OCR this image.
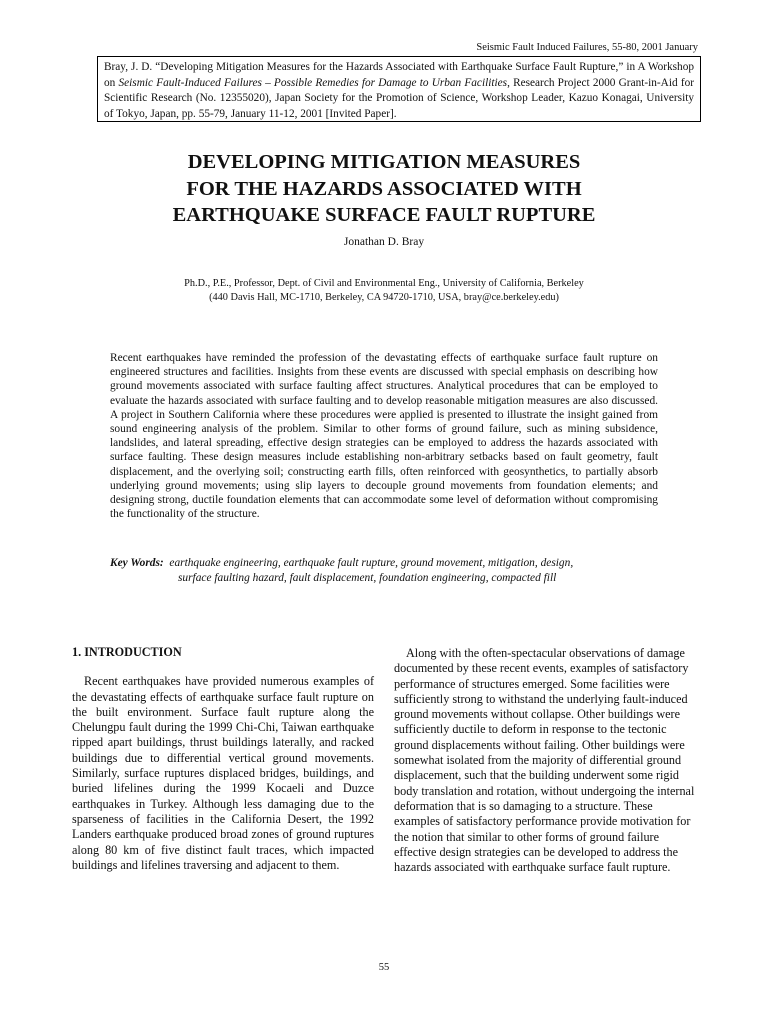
Seismic Fault Induced Failures, 55-80, 2001 January
Bray, J. D. “Developing Mitigation Measures for the Hazards Associated with Earthquake Surface Fault Rupture,” in A Workshop on Seismic Fault-Induced Failures – Possible Remedies for Damage to Urban Facilities, Research Project 2000 Grant-in-Aid for Scientific Research (No. 12355020), Japan Society for the Promotion of Science, Workshop Leader, Kazuo Konagai, University of Tokyo, Japan, pp. 55-79, January 11-12, 2001 [Invited Paper].
DEVELOPING MITIGATION MEASURES
FOR THE HAZARDS ASSOCIATED WITH
EARTHQUAKE SURFACE FAULT RUPTURE
Jonathan D. Bray
Ph.D., P.E., Professor, Dept. of Civil and Environmental Eng., University of California, Berkeley
(440 Davis Hall, MC-1710, Berkeley, CA 94720-1710, USA, bray@ce.berkeley.edu)

Recent earthquakes have reminded the profession of the devastating effects of earthquake surface fault rupture on engineered structures and facilities. Insights from these events are discussed with special emphasis on describing how ground movements associated with surface faulting affect structures. Analytical procedures that can be employed to evaluate the hazards associated with surface faulting and to develop reasonable mitigation measures are also discussed. A project in Southern California where these procedures were applied is presented to illustrate the insight gained from sound engineering analysis of the problem. Similar to other forms of ground failure, such as mining subsidence, landslides, and lateral spreading, effective design strategies can be employed to address the hazards associated with surface faulting. These design measures include establishing non-arbitrary setbacks based on fault geometry, fault displacement, and the overlying soil; constructing earth fills, often reinforced with geosynthetics, to partially absorb underlying ground movements; using slip layers to decouple ground movements from foundation elements; and designing strong, ductile foundation elements that can accommodate some level of deformation without compromising the functionality of the structure.

Key Words: earthquake engineering, earthquake fault rupture, ground movement, mitigation, design,
surface faulting hazard, fault displacement, foundation engineering, compacted fill
1. INTRODUCTION

Recent earthquakes have provided numerous examples of the devastating effects of earthquake surface fault rupture on the built environment. Surface fault rupture along the Chelungpu fault during the 1999 Chi-Chi, Taiwan earthquake ripped apart buildings, thrust buildings laterally, and racked buildings due to differential vertical ground movements. Similarly, surface ruptures displaced bridges, buildings, and buried lifelines during the 1999 Kocaeli and Duzce earthquakes in Turkey. Although less damaging due to the sparseness of facilities in the California Desert, the 1992 Landers earthquake produced broad zones of ground ruptures along 80 km of five distinct fault traces, which impacted buildings and lifelines traversing and adjacent to them.

Along with the often-spectacular observations of damage documented by these recent events, examples of satisfactory performance of structures emerged. Some facilities were sufficiently strong to withstand the underlying fault-induced ground movements without collapse. Other buildings were sufficiently ductile to deform in response to the tectonic ground displacements without failing. Other buildings were somewhat isolated from the majority of differential ground displacement, such that the building underwent some rigid body translation and rotation, without undergoing the internal deformation that is so damaging to a structure. These examples of satisfactory performance provide motivation for the notion that similar to other forms of ground failure effective design strategies can be developed to address the hazards associated with earthquake surface fault rupture.

55
